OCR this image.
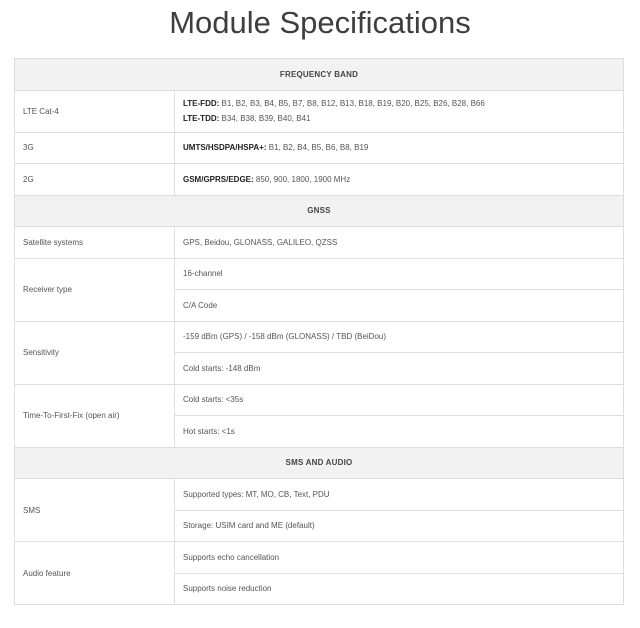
Module Specifications
FREQUENCY BAND	
LTE Cat-4	LTE-FDD: B1, B2, B3, B4, B5, B7, B8, B12, B13, B18, B19, B20, B25, B26, B28, B66
LTE-TDD: B34, B38, B39, B40, B41

3G	UMTS/HSDPA/HSPA+: B1, B2, B4, B5, B6, B8, B19
2G	GSM/GPRS/EDGE: 850, 900, 1800, 1900 MHz
GNSS	
Satellite systems	GPS, Beidou, GLONASS, GALILEO, QZSS
Receiver type	16-channel
	C/A Code
Sensitivity	-159 dBm (GPS) / -158 dBm (GLONASS) / TBD (BeiDou)
	Cold starts: -148 dBm
Time-To-First-Fix (open air)	Cold starts: <35s
	Hot starts: <1s
SMS AND AUDIO	
SMS	Supported types: MT, MO, CB, Text, PDU
	Storage: USIM card and ME (default)
Audio feature	Supports echo cancellation
	Supports noise reduction
